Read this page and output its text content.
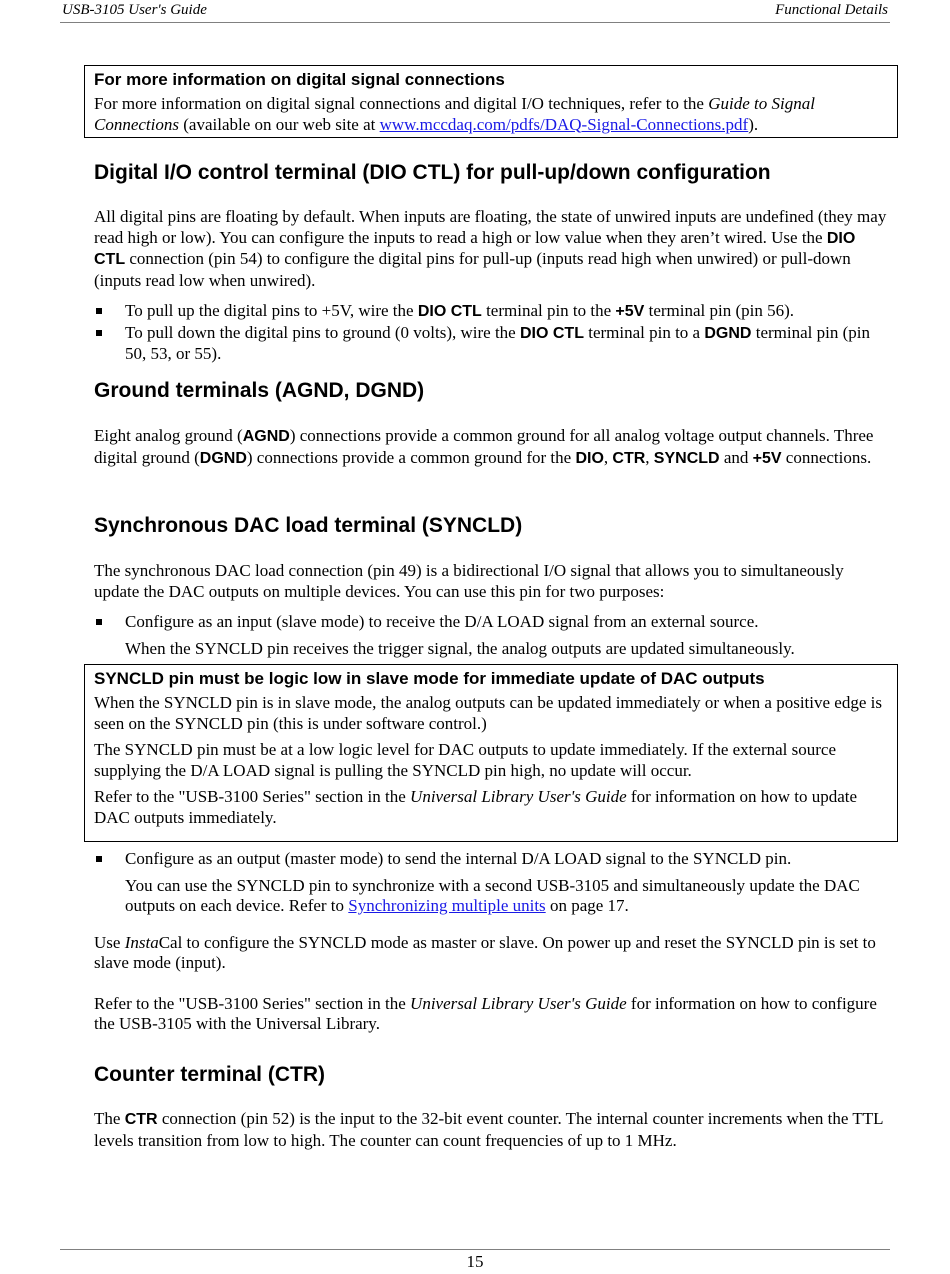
USB-3105 User's Guide	Functional Details
For more information on digital signal connections

For more information on digital signal connections and digital I/O techniques, refer to the Guide to Signal Connections (available on our web site at www.mccdaq.com/pdfs/DAQ-Signal-Connections.pdf).

Digital I/O control terminal (DIO CTL) for pull-up/down configuration

All digital pins are floating by default. When inputs are floating, the state of unwired inputs are undefined (they may read high or low). You can configure the inputs to read a high or low value when they aren’t wired. Use the DIO CTL connection (pin 54) to configure the digital pins for pull-up (inputs read high when unwired) or pull-down (inputs read low when unwired).

To pull up the digital pins to +5V, wire the DIO CTL terminal pin to the +5V terminal pin (pin 56).
To pull down the digital pins to ground (0 volts), wire the DIO CTL terminal pin to a DGND terminal pin (pin 50, 53, or 55).
Ground terminals (AGND, DGND)

Eight analog ground (AGND) connections provide a common ground for all analog voltage output channels. Three digital ground (DGND) connections provide a common ground for the DIO, CTR, SYNCLD and +5V connections.

Synchronous DAC load terminal (SYNCLD)

The synchronous DAC load connection (pin 49) is a bidirectional I/O signal that allows you to simultaneously update the DAC outputs on multiple devices. You can use this pin for two purposes:

Configure as an input (slave mode) to receive the D/A LOAD signal from an external source.

When the SYNCLD pin receives the trigger signal, the analog outputs are updated simultaneously.

SYNCLD pin must be logic low in slave mode for immediate update of DAC outputs

When the SYNCLD pin is in slave mode, the analog outputs can be updated immediately or when a positive edge is seen on the SYNCLD pin (this is under software control.)

The SYNCLD pin must be at a low logic level for DAC outputs to update immediately. If the external source supplying the D/A LOAD signal is pulling the SYNCLD pin high, no update will occur.

Refer to the "USB-3100 Series" section in the Universal Library User's Guide for information on how to update DAC outputs immediately.

Configure as an output (master mode) to send the internal D/A LOAD signal to the SYNCLD pin.

You can use the SYNCLD pin to synchronize with a second USB-3105 and simultaneously update the DAC outputs on each device. Refer to Synchronizing multiple units on page 17.

Use InstaCal to configure the SYNCLD mode as master or slave. On power up and reset the SYNCLD pin is set to slave mode (input).

Refer to the "USB-3100 Series" section in the Universal Library User's Guide for information on how to configure the USB-3105 with the Universal Library.

Counter terminal (CTR)

The CTR connection (pin 52) is the input to the 32-bit event counter. The internal counter increments when the TTL levels transition from low to high. The counter can count frequencies of up to 1 MHz.

15
